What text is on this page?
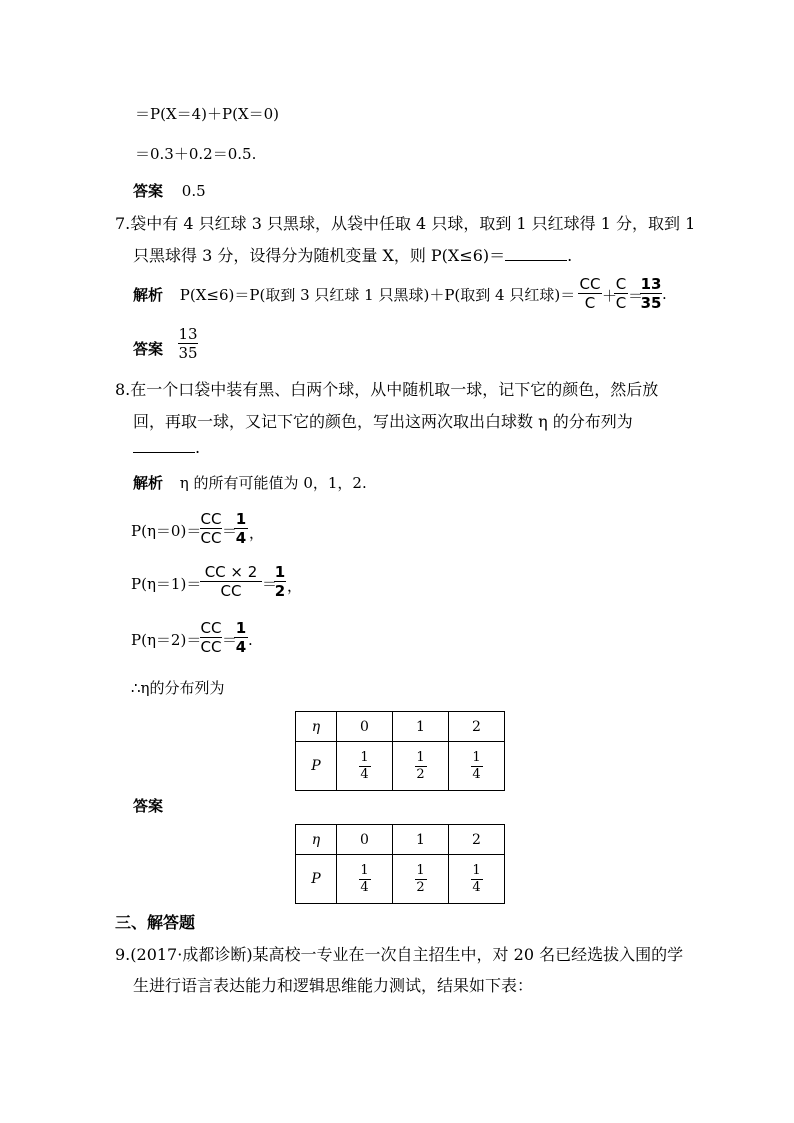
＝P(X＝4)＋P(X＝0)
＝0.3＋0.2＝0.5.
答案 0.5
7.袋中有 4 只红球 3 只黑球，从袋中任取 4 只球，取到 1 只红球得 1 分，取到 1
只黑球得 3 分，设得分为随机变量 X，则 P(X≤6)＝	.
解析 P(X≤6)＝P(取到 3 只红球 1 只黑球)＋P(取到 4 只红球)＝
CC
C ＋
C
C ＝
13
35 .
答案
13
35
8.在一个口袋中装有黑、白两个球，从中随机取一球，记下它的颜色，然后放
回，再取一球，又记下它的颜色，写出这两次取出白球数 η 的分布列为
.
解析 η 的所有可能值为 0，1，2.
P(η＝0)＝
CC
CC ＝
1
4 ，
P(η＝1)＝
CC × 2
CC	＝
1
2 ，
P(η＝2)＝
CC
CC ＝
1
4 .
∴η的分布列为
η	0	1	2
P	$\frac{1}{4}$	$\frac{1}{2}$	$\frac{1}{4}$
答案
η	0	1	2
P	$\frac{1}{4}$	$\frac{1}{2}$	$\frac{1}{4}$
三、解答题
9.(2017·成都诊断)某高校一专业在一次自主招生中，对 20 名已经选拔入围的学
生进行语言表达能力和逻辑思维能力测试，结果如下表：
